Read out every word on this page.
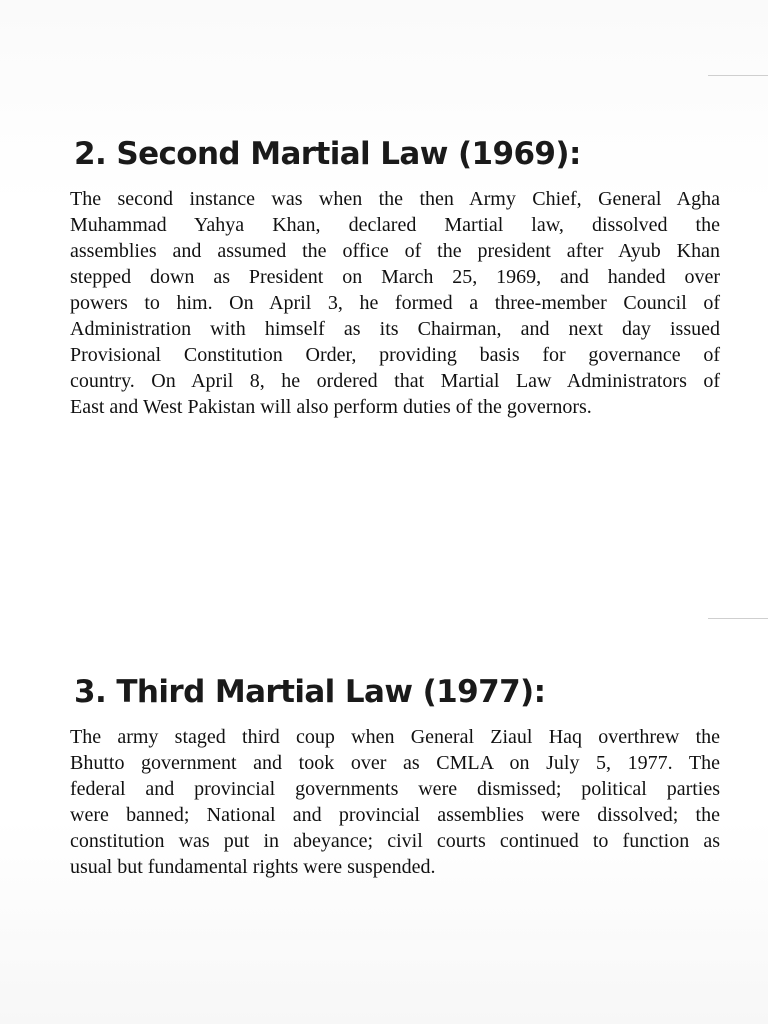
2. Second Martial Law (1969):

The second instance was when the then Army Chief, General Agha
Muhammad Yahya Khan, declared Martial law, dissolved the
assemblies and assumed the office of the president after Ayub Khan
stepped down as President on March 25, 1969, and handed over
powers to him. On April 3, he formed a three-member Council of
Administration with himself as its Chairman, and next day issued
Provisional Constitution Order, providing basis for governance of
country. On April 8, he ordered that Martial Law Administrators of
East and West Pakistan will also perform duties of the governors.

3. Third Martial Law (1977):

The army staged third coup when General Ziaul Haq overthrew the
Bhutto government and took over as CMLA on July 5, 1977. The
federal and provincial governments were dismissed; political parties
were banned; National and provincial assemblies were dissolved; the
constitution was put in abeyance; civil courts continued to function as
usual but fundamental rights were suspended.
